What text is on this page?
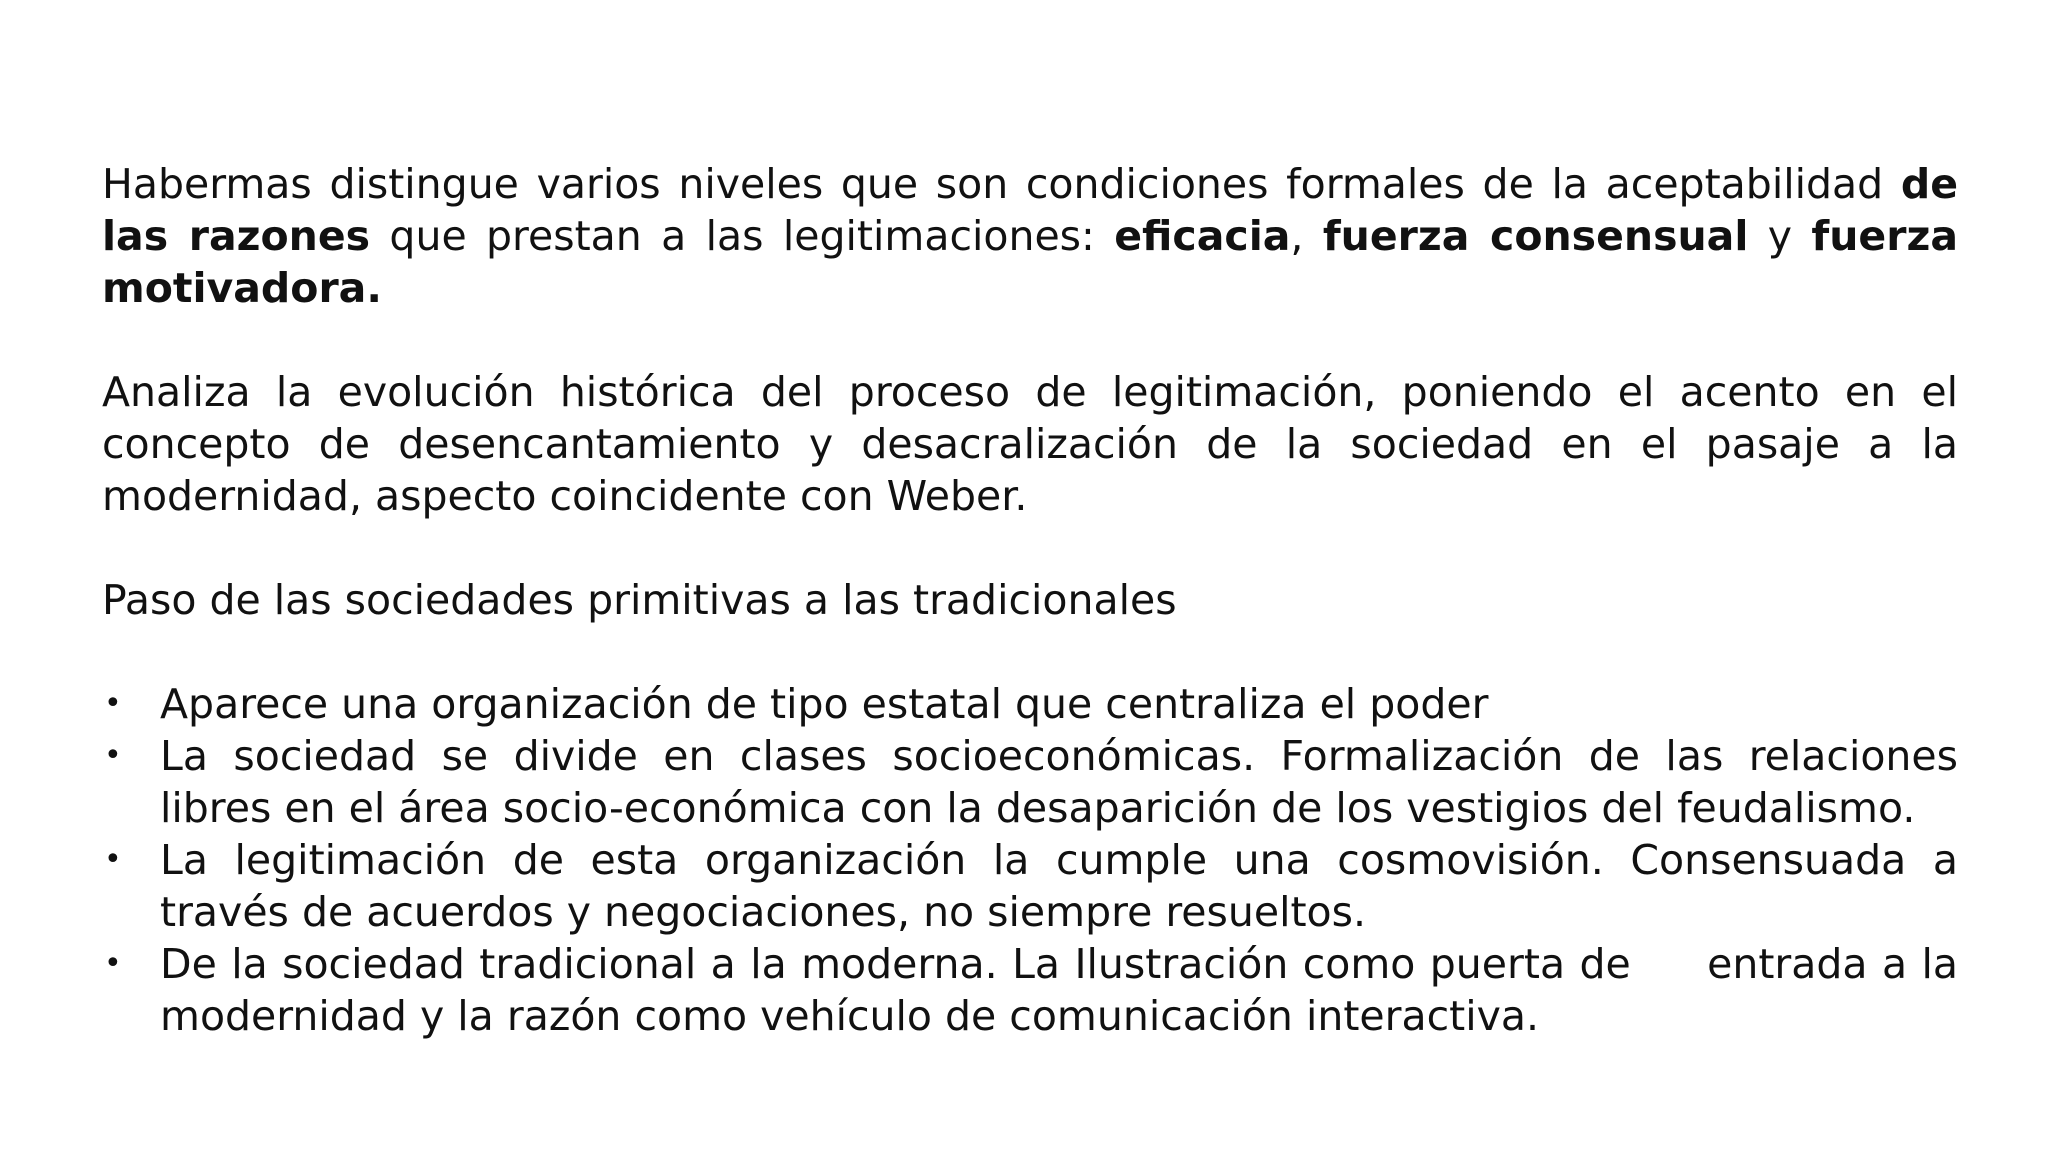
Habermas distingue varios niveles que son condiciones formales de la aceptabilidad de las razones que prestan a las legitimaciones: eficacia, fuerza consensual y fuerza motivadora.

Analiza la evolución histórica del proceso de legitimación, poniendo el acento en el concepto de desencantamiento y desacralización de la sociedad en el pasaje a la modernidad, aspecto coincidente con Weber.

Paso de las sociedades primitivas a las tradicionales

• Aparece una organización de tipo estatal que centraliza el poder
• La sociedad se divide en clases socioeconómicas. Formalización de las relaciones libres en el área socio-económica con la desaparición de los vestigios del feudalismo.
• La legitimación de esta organización la cumple una cosmovisión. Consensuada a través de acuerdos y negociaciones, no siempre resueltos.
• De la sociedad tradicional a la moderna. La Ilustración como puerta de entrada a la modernidad y la razón como vehículo de comunicación interactiva.
